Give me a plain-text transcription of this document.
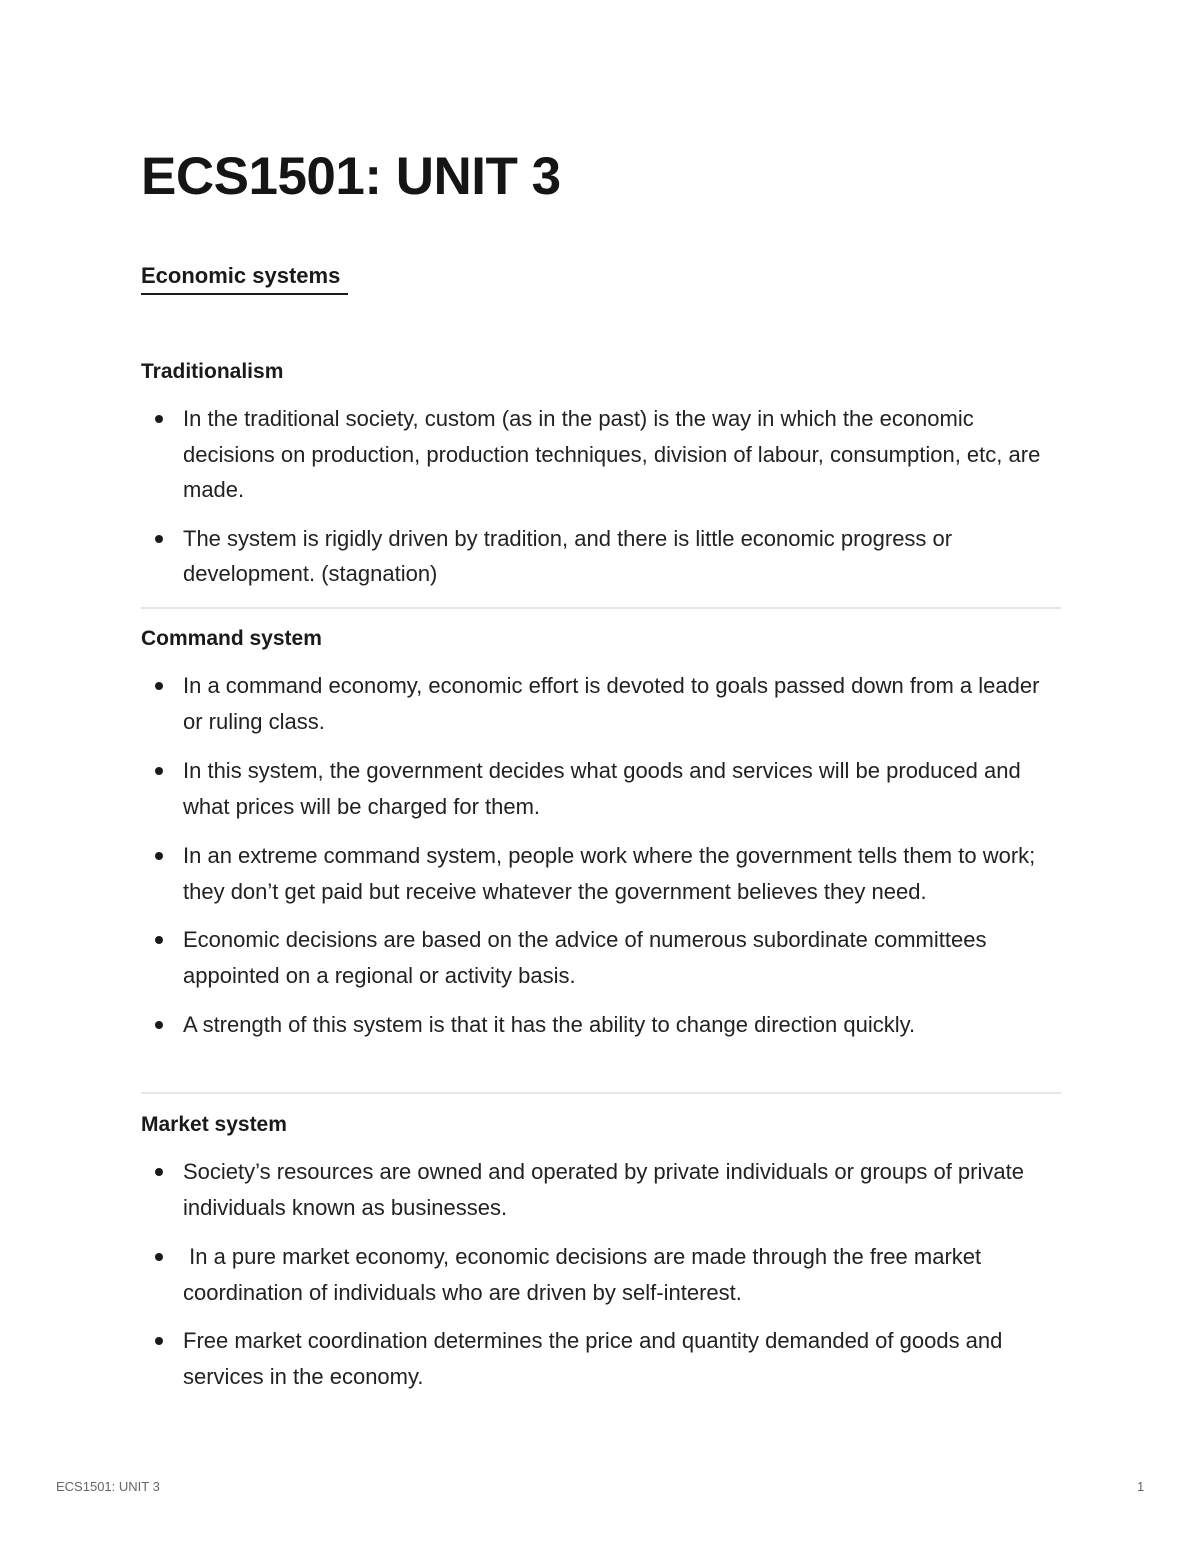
ECS1501: UNIT 3
Economic systems
Traditionalism
In the traditional society, custom (as in the past) is the way in which the economic decisions on production, production techniques, division of labour, consumption, etc, are made.
The system is rigidly driven by tradition, and there is little economic progress or development. (stagnation)
Command system
In a command economy, economic effort is devoted to goals passed down from a leader or ruling class.
In this system, the government decides what goods and services will be produced and what prices will be charged for them.
In an extreme command system, people work where the government tells them to work; they don’t get paid but receive whatever the government believes they need.
Economic decisions are based on the advice of numerous subordinate committees appointed on a regional or activity basis.
A strength of this system is that it has the ability to change direction quickly.
Market system
Society’s resources are owned and operated by private individuals or groups of private individuals known as businesses.
In a pure market economy, economic decisions are made through the free market coordination of individuals who are driven by self-interest.
Free market coordination determines the price and quantity demanded of goods and services in the economy.
ECS1501: UNIT 3	1
